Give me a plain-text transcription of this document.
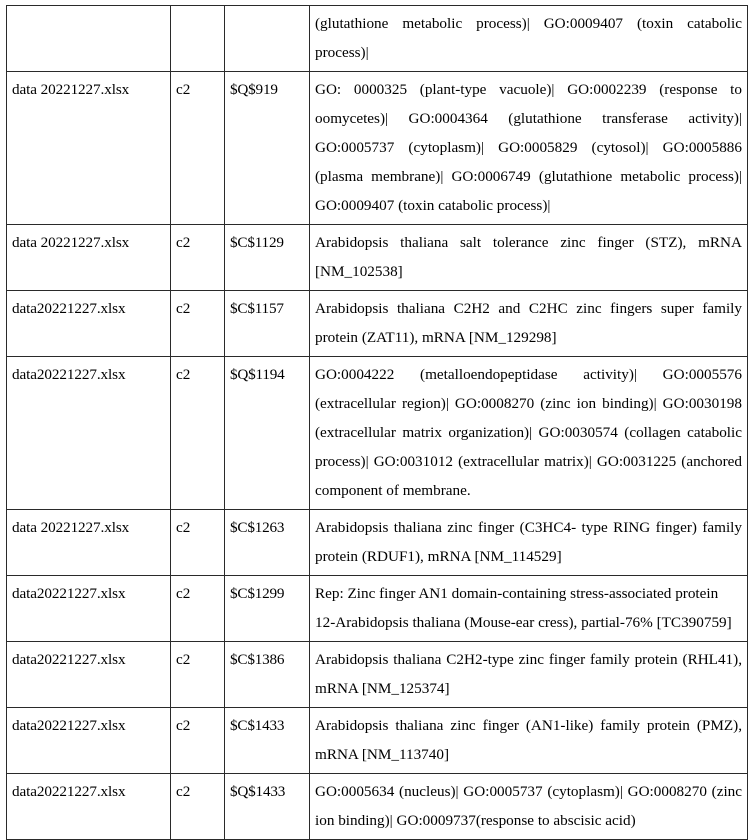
			(glutathione metabolic process)| GO:0009407 (toxin catabolic process)|
data 20221227.xlsx	c2	$Q$919	GO: 0000325 (plant-type vacuole)| GO:0002239 (response to oomycetes)| GO:0004364 (glutathione transferase activity)| GO:0005737 (cytoplasm)| GO:0005829 (cytosol)| GO:0005886 (plasma membrane)| GO:0006749 (glutathione metabolic process)| GO:0009407 (toxin catabolic process)|
data 20221227.xlsx	c2	$C$1129	Arabidopsis thaliana salt tolerance zinc finger (STZ), mRNA [NM_102538]
data20221227.xlsx	c2	$C$1157	Arabidopsis thaliana C2H2 and C2HC zinc fingers super family protein (ZAT11), mRNA [NM_129298]
data20221227.xlsx	c2	$Q$1194	GO:0004222 (metalloendopeptidase activity)| GO:0005576 (extracellular region)| GO:0008270 (zinc ion binding)| GO:0030198 (extracellular matrix organization)| GO:0030574 (collagen catabolic process)| GO:0031012 (extracellular matrix)| GO:0031225 (anchored component of membrane.
data 20221227.xlsx	c2	$C$1263	Arabidopsis thaliana zinc finger (C3HC4- type RING finger) family protein (RDUF1), mRNA [NM_114529]
data20221227.xlsx	c2	$C$1299	Rep: Zinc finger AN1 domain-containing stress-associated protein 12-Arabidopsis thaliana (Mouse-ear cress), partial-76% [TC390759]
data20221227.xlsx	c2	$C$1386	Arabidopsis thaliana C2H2-type zinc finger family protein (RHL41), mRNA [NM_125374]
data20221227.xlsx	c2	$C$1433	Arabidopsis thaliana zinc finger (AN1-like) family protein (PMZ), mRNA [NM_113740]
data20221227.xlsx	c2	$Q$1433	GO:0005634 (nucleus)| GO:0005737 (cytoplasm)| GO:0008270 (zinc ion binding)| GO:0009737(response to abscisic acid)
